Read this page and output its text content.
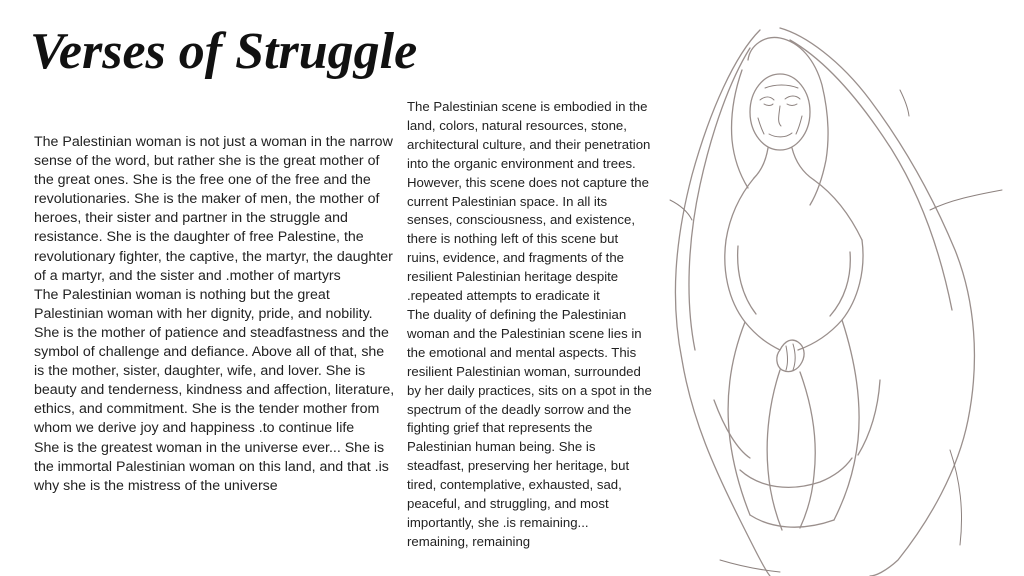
Verses of Struggle

The Palestinian woman is not just a woman in the narrow sense of the word, but rather she is the great mother of the great ones. She is the free one of the free and the revolutionaries. She is the maker of men, the mother of heroes, their sister and partner in the struggle and resistance. She is the daughter of free Palestine, the revolutionary fighter, the captive, the martyr, the daughter of a martyr, and the sister and .mother of martyrs

The Palestinian woman is nothing but the great Palestinian woman with her dignity, pride, and nobility. She is the mother of patience and steadfastness and the symbol of challenge and defiance. Above all of that, she is the mother, sister, daughter, wife, and lover. She is beauty and tenderness, kindness and affection, literature, ethics, and commitment. She is the tender mother from whom we derive joy and happiness .to continue life

She is the greatest woman in the universe ever... She is the immortal Palestinian woman on this land, and that .is why she is the mistress of the universe

The Palestinian scene is embodied in the land, colors, natural resources, stone, architectural culture, and their penetration into the organic environment and trees. However, this scene does not capture the current Palestinian space. In all its senses, consciousness, and existence, there is nothing left of this scene but ruins, evidence, and fragments of the resilient Palestinian heritage despite .repeated attempts to eradicate it

The duality of defining the Palestinian woman and the Palestinian scene lies in the emotional and mental aspects. This resilient Palestinian woman, surrounded by her daily practices, sits on a spot in the spectrum of the deadly sorrow and the fighting grief that represents the Palestinian human being. She is steadfast, preserving her heritage, but tired, contemplative, exhausted, sad, peaceful, and struggling, and most importantly, she .is remaining... remaining, remaining
